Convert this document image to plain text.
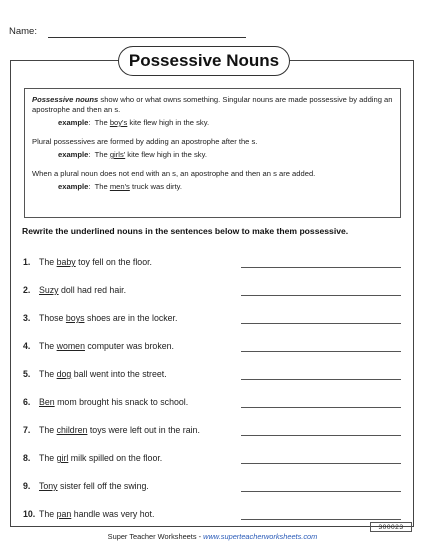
Name:
Possessive Nouns

Possessive nouns show who or what owns something. Singular nouns are made possessive by adding an apostrophe and then an s.

example:  The boy's kite flew high in the sky.

Plural possessives are formed by adding an apostrophe after the s.

example:  The girls' kite flew high in the sky.

When a plural noun does not end with an s, an apostrophe and then an s are added.

example:  The men's truck was dirty.

Rewrite the underlined nouns in the sentences below to make them possessive.
1. The baby toy fell on the floor.
2. Suzy doll had red hair.
3. Those boys shoes are in the locker.
4. The women computer was broken.
5. The dog ball went into the street.
6. Ben mom brought his snack to school.
7. The children toys were left out in the rain.
8. The girl milk spilled on the floor.
9. Tony sister fell off the swing.
10. The pan handle was very hot.
300023
Super Teacher Worksheets - www.superteacherworksheets.com
